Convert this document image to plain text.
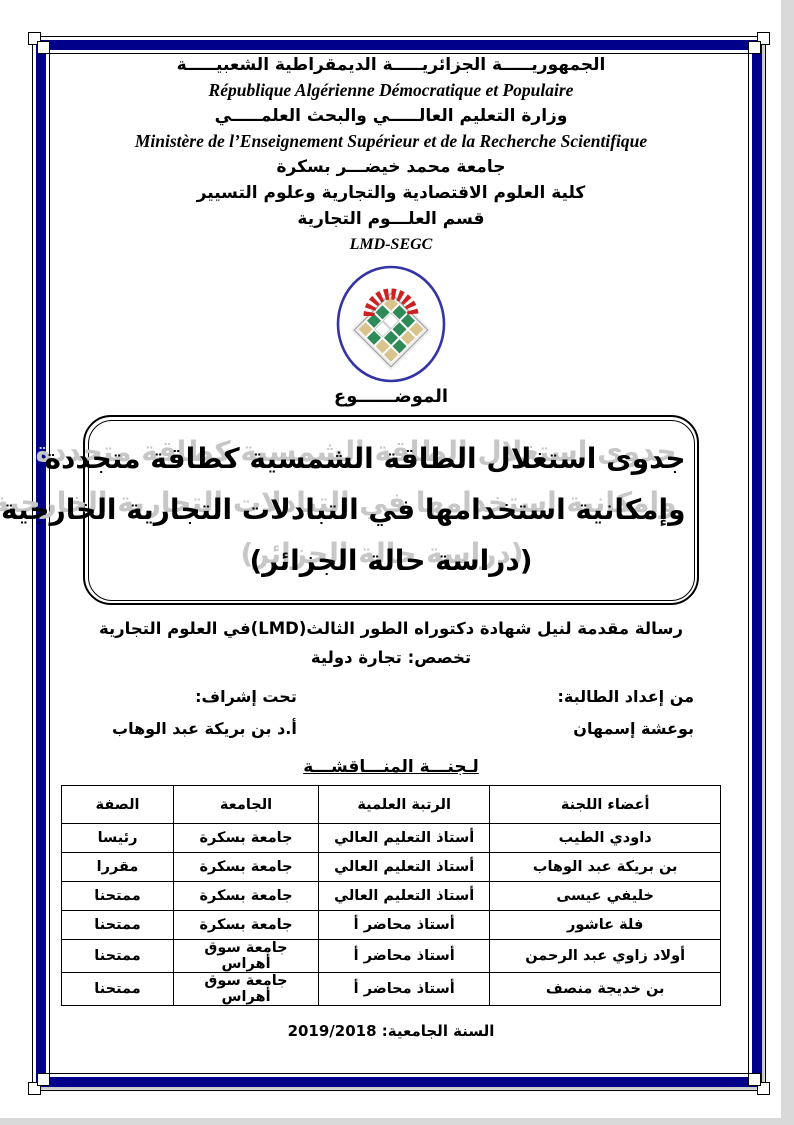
الجمهوريـــــة الجزائريـــــة الديمقراطية الشعبيـــــة
République Algérienne Démocratique et Populaire
وزارة التعليم العالـــــي والبحث العلمـــــي
Ministère de l’Enseignement Supérieur et de la Recherche Scientifique
جامعة محمد خيضـــر بسكرة
كلية العلوم الاقتصادية والتجارية وعلوم التسيير
قسم العلـــوم التجارية
LMD-SEGC
الموضــــــوع
جدوى استغلال الطاقة الشمسية كطاقة متجددة
وإمكانية استخدامها في التبادلات التجارية الخارجية
(دراسة حالة الجزائر)
رسالة مقدمة لنيل شهادة دكتوراه الطور الثالث(LMD)في العلوم التجارية
تخصص: تجارة دولية
من إعداد الطالبة:
بوعشة إسمهان
تحت إشراف:
أ.د بن بريكة عبد الوهاب
لـجنـــة المنـــاقشـــة
أعضاء اللجنة	الرتبة العلمية	الجامعة	الصفة
داودي الطيب	أستاذ التعليم العالي	جامعة بسكرة	رئيسا
بن بريكة عبد الوهاب	أستاذ التعليم العالي	جامعة بسكرة	مقررا
خليفي عيسى	أستاذ التعليم العالي	جامعة بسكرة	ممتحنا
فلة عاشور	أستاذ محاضر أ	جامعة بسكرة	ممتحنا
أولاد زاوي عبد الرحمن	أستاذ محاضر أ	جامعة سوق أهراس	ممتحنا
بن خديجة منصف	أستاذ محاضر أ	جامعة سوق أهراس	ممتحنا
السنة الجامعية: 2019/2018
